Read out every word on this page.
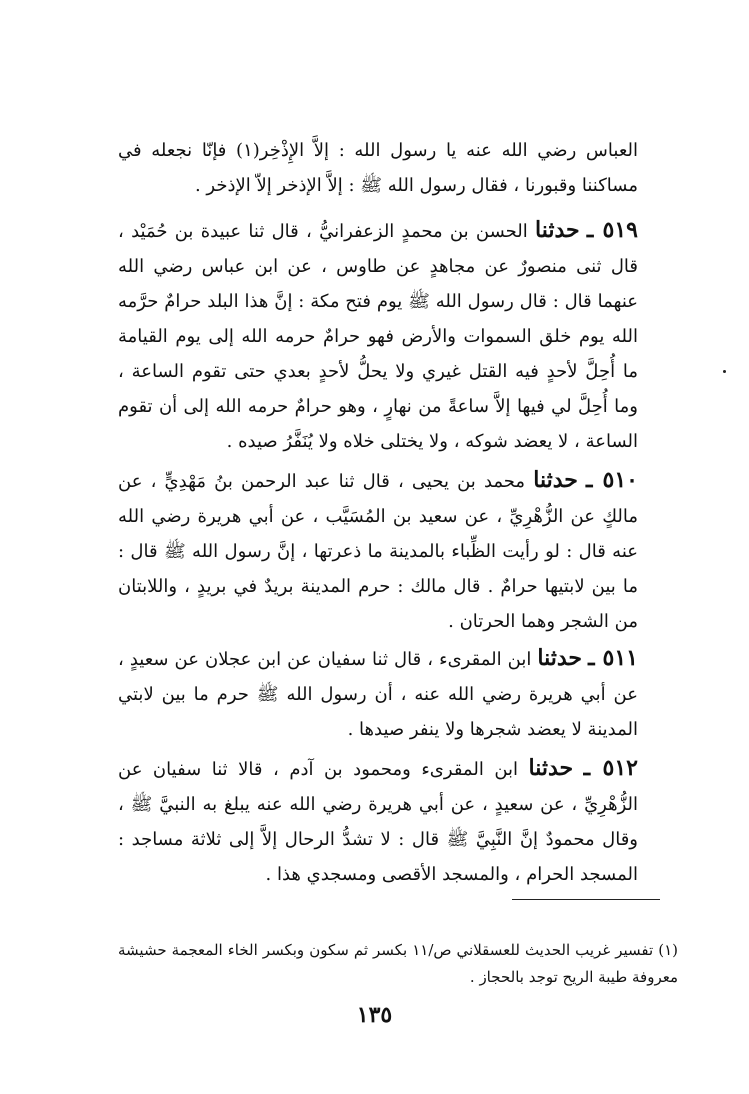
العباس رضي الله عنه يا رسول الله : إلاَّ الإِذْخِر(١) فإنّا نجعله في مساكننا وقبورنا ، فقال رسول الله ﷺ : إلاَّ الإذخر إلاّ الإذخر .

٥١٩ ـ حدثنا الحسن بن محمدٍ الزعفرانيُّ ، قال ثنا عبيدة بن حُمَيْد ، قال ثنى منصورٌ عن مجاهدٍ عن طاوس ، عن ابن عباس رضي الله عنهما قال : قال رسول الله ﷺ يوم فتح مكة : إنَّ هذا البلد حرامٌ حرَّمه الله يوم خلق السموات والأرض فهو حرامٌ حرمه الله إلى يوم القيامة ما أُحِلَّ لأحدٍ فيه القتل غيري ولا يحلُّ لأحدٍ بعدي حتى تقوم الساعة ، وما أُحِلَّ لي فيها إلاَّ ساعةً من نهارٍ ، وهو حرامٌ حرمه الله إلى أن تقوم الساعة ، لا يعضد شوكه ، ولا يختلى خلاه ولا يُنَفَّرُ صيده .

٥١٠ ـ حدثنا محمد بن يحيى ، قال ثنا عبد الرحمن بنُ مَهْدِيٍّ ، عن مالكٍ عن الزُّهْرِيِّ ، عن سعيد بن المُسَيَّب ، عن أبي هريرة رضي الله عنه قال : لو رأيت الظِّباء بالمدينة ما ذعرتها ، إنَّ رسول الله ﷺ قال : ما بين لابتيها حرامٌ . قال مالك : حرم المدينة بريدٌ في بريدٍ ، واللابتان من الشجر وهما الحرتان .

٥١١ ـ حدثنا ابن المقرىء ، قال ثنا سفيان عن ابن عجلان عن سعيدٍ ، عن أبي هريرة رضي الله عنه ، أن رسول الله ﷺ حرم ما بين لابتي المدينة لا يعضد شجرها ولا ينفر صيدها .

٥١٢ ـ حدثنا ابن المقرىء ومحمود بن آدم ، قالا ثنا سفيان عن الزُّهْرِيِّ ، عن سعيدٍ ، عن أبي هريرة رضي الله عنه يبلغ به النبيَّ ﷺ ، وقال محمودٌ إنَّ النَّبِيَّ ﷺ قال : لا تشدُّ الرحال إلاَّ إلى ثلاثة مساجد : المسجد الحرام ، والمسجد الأقصى ومسجدي هذا .

(١) تفسير غريب الحديث للعسقلاني ص/١١ بكسر ثم سكون وبكسر الخاء المعجمة حشيشة معروفة طيبة الريح توجد بالحجاز .

١٣٥
